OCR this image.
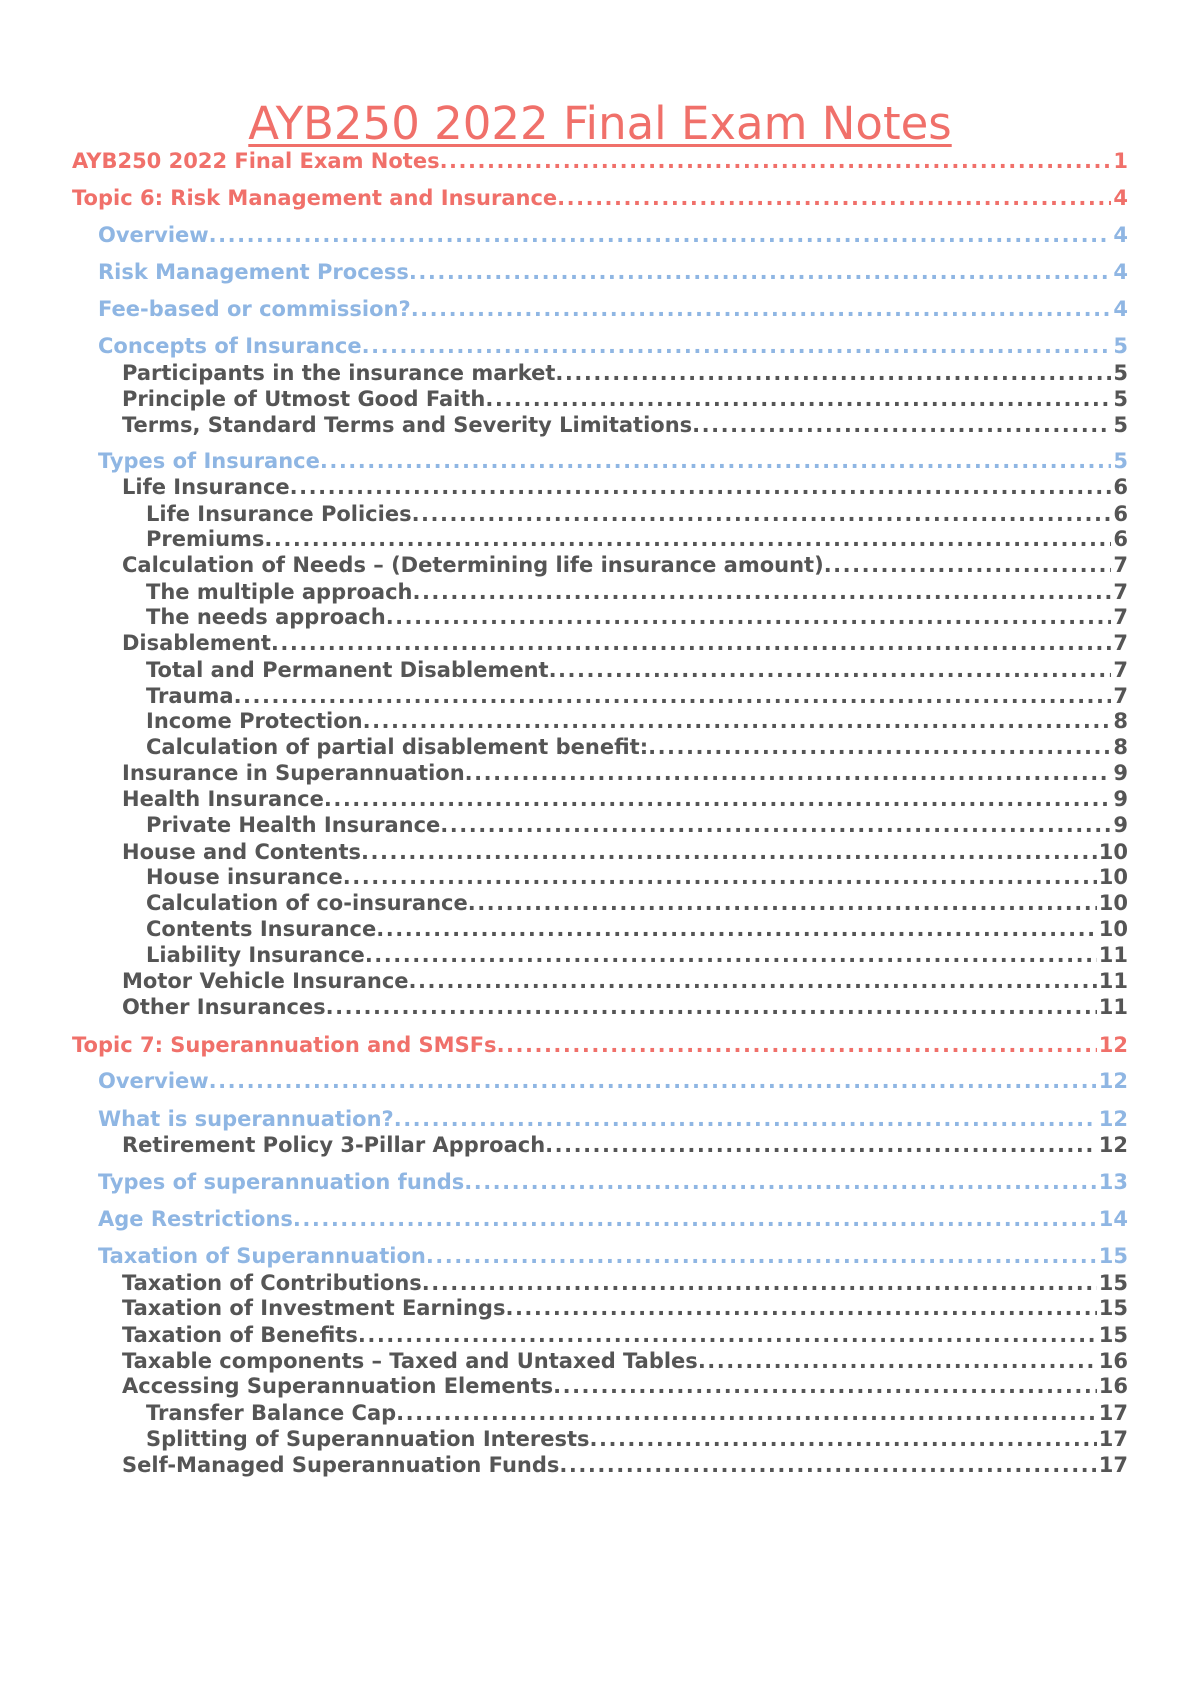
AYB250 2022 Final Exam Notes
AYB250 2022 Final Exam Notes .....	1
Topic 6: Risk Management and Insurance .....	4
Overview .....	4
Risk Management Process .....	4
Fee-based or commission? .....	4
Concepts of Insurance .....	5
Participants in the insurance market .....	5
Principle of Utmost Good Faith .....	5
Terms, Standard Terms and Severity Limitations .....	5
Types of Insurance .....	5
Life Insurance .....	6
Life Insurance Policies .....	6
Premiums .....	6
Calculation of Needs – (Determining life insurance amount) .....	7
The multiple approach .....	7
The needs approach .....	7
Disablement .....	7
Total and Permanent Disablement .....	7
Trauma .....	7
Income Protection .....	8
Calculation of partial disablement benefit: .....	8
Insurance in Superannuation .....	9
Health Insurance .....	9
Private Health Insurance .....	9
House and Contents .....	10
House insurance .....	10
Calculation of co-insurance .....	10
Contents Insurance .....	10
Liability Insurance .....	11
Motor Vehicle Insurance .....	11
Other Insurances .....	11
Topic 7: Superannuation and SMSFs .....	12
Overview .....	12
What is superannuation? .....	12
Retirement Policy 3-Pillar Approach .....	12
Types of superannuation funds .....	13
Age Restrictions .....	14
Taxation of Superannuation .....	15
Taxation of Contributions .....	15
Taxation of Investment Earnings .....	15
Taxation of Benefits .....	15
Taxable components – Taxed and Untaxed Tables .....	16
Accessing Superannuation Elements .....	16
Transfer Balance Cap .....	17
Splitting of Superannuation Interests .....	17
Self-Managed Superannuation Funds .....	17
